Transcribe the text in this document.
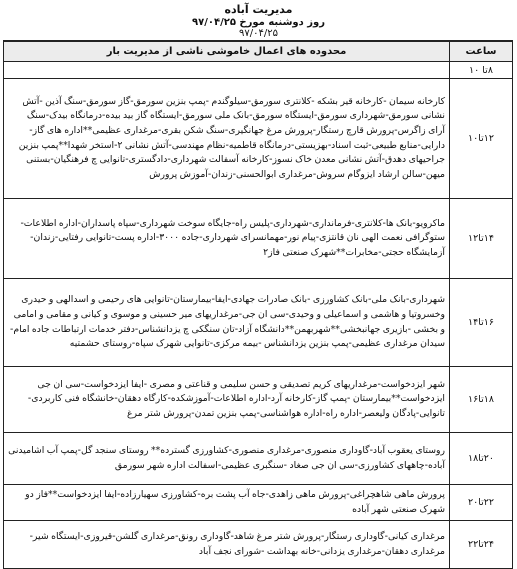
مدیریت آباده
روز دوشنبه مورخ ۹۷/۰۴/۲۵
۹۷/۰۴/۲۵
ساعت	محدوده های اعمال خاموشی ناشی از مدیریت بار
۸تا ۱۰	
۱۲تا۱۰	کارخانه سیمان -کارخانه قیر بشکه -کلانتری سورمق-سیلوگندم -پمپ بنزین سورمق-گاز سورمق-سنگ آذین -آتش نشانی سورمق-شهرداری سورمق-ایستگاه سورمق-بانک ملی سورمق-ایستگاه گاز بید بیده-درمانگاه بیدک-سنگ آرای زاگرس-پرورش قارچ رستگار-پرورش مرغ جهانگیری-سنگ شکن بقری-مرغداری عظیمی**اداره های گاز-دارایی-منابع طبیعی-ثبت اسناد-بهزیستی-درمانگاه قاطمیه-نظام مهندسی-آتش نشانی ۲-استخر شهدا**پمپ بنزین جراحیهای دهدق-آتش نشانی معدن خاک نسوز-کارخانه آسفالت شهرداری-دادگستری-تانوایی چ فرهنگیان-بستنی میهن-سالن ارشاد ایزوگام سروش-مرغداری ابوالحسنی-زندان-آموزش پرورش
۱۴تا۱۲	ماکرویو-بانک ها-کلانتری-فرمانداری-شهرداری-پلیس راه-جایگاه سوخت شهرداری-سپاه پاسداران-اداره اطلاعات-ستوگرافی نعمت الهی نان قانتزی-پیام نور-مهمانسرای شهرداری-جاده ۳۰۰۰-اداره پست-تانوایی رفتایی-زندان-آزمایشگاه حجتی-مخابرات**شهرک صنعتی فاز۲
۱۶تا۱۴	شهرداری-بانک ملی-بانک کشاورزی -بانک صادرات جهادی-ایفا-بیمارستان-تانوایی های رحیمی و اسدالهی و حیدری وخسروتیا و هاشمی و اسماعیلی و وحیدی-سی ان جی-مرغداریهای میر حسینی و موسوی و کیانی و مقامی و امامی و بخشی -بازیری جهانبخشی**شهربهمن**دانشگاه آزاد-تان سنگکی چ یزدانشناس-دفتر خدمات ارتباطات جاده امام-سیدان مرغداری عظیمی-پمپ بنزین یزدانشناس -بیمه مرکزی-تانوایی شهرک سپاه-روستای حشمتیه
۱۸تا۱۶	شهر ایزدخواست-مرغداریهای کریم تصدیقی و حسن سلیمی و قناعتی و مصری -ایفا ایزدخواست-سی ان جی ایزدخواست**بیمارستان -پمپ گاز-کارخانه آرد-اداره اطلاعات-آموزشکده-کارگاه دهقان-خانشگاه فنی کاربردی-تانوایی-پادگان ولیعصر-اداره راه-اداره هواشناسی-پمپ بنزین تمدن-پرورش شتر مرغ
۲۰تا۱۸	روستای یعقوب آباد-گاوداری منصوری-مرغداری منصوری-کشاورزی گسترده** روستای سنجد گل-پمپ آب اشامیدنی آباده-چاههای کشاورزی-سی ان جی صغاد -سنگبری عظیمی-اسفالت اداره شهر سورمق
۲۲تا۲۰	پرورش ماهی شاهچراغی-پرورش ماهی زاهدی-جاه آب پشت بره-کشاورزی سهیارزاده-ایفا ایزدخواست**فاز دو شهرک صنعتی شهر آباده
۲۴تا۲۲	مرغداری کیانی-گاوداری رستگار-پرورش شتر مرغ شاهد-گاوداری رونق-مرغداری گلشن-قیروزی-ایستگاه شیر-مرغداری دهقان-مرغداری یزدانی-خانه بهداشت -شورای نجف آباد
